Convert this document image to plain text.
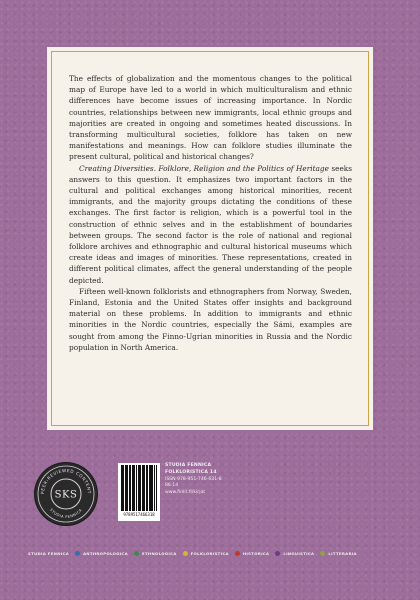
The effects of globalization and the momentous changes to the political map of Europe have led to a world in which multiculturalism and ethnic differences have become issues of increasing importance. In Nordic countries, relationships between new immigrants, local ethnic groups and majorities are created in ongoing and sometimes heated discussions. In transforming multicultural societies, folklore has taken on new manifestations and meanings. How can folklore studies illuminate the present cultural, political and historical changes?

Creating Diversities. Folklore, Religion and the Politics of Heritage seeks answers to this question. It emphasizes two important factors in the cultural and political exchanges among historical minorities, recent immigrants, and the majority groups dictating the conditions of these exchanges. The first factor is religion, which is a powerful tool in the construction of ethnic selves and in the establishment of boundaries between groups. The second factor is the role of national and regional folklore archives and ethnographic and cultural historical museums which create ideas and images of minorities. These representations, created in different political climates, affect the general understanding of the people depicted.

Fifteen well-known folklorists and ethnographers from Norway, Sweden, Finland, Estonia and the United States offer insights and background material on these problems. In addition to immigrants and ethnic minorities in the Nordic countries, especially the Sámi, examples are sought from among the Finno-Ugrian minorities in Russia and the Nordic population in North America.

PEER-REVIEWED CONTENT
STUDIA FENNICA
SKS
9789517466318
STUDIA FENNICA
FOLKLORISTICA 14
ISSN 978-951-746-631-8
86.14
www.finlit.fi/kirjat
STUDIA FENNICA	ANTHROPOLOGICA	ETHNOLOGICA	FOLKLORISTICA	HISTORICA	LINGUISTICA	LITTERARIA
